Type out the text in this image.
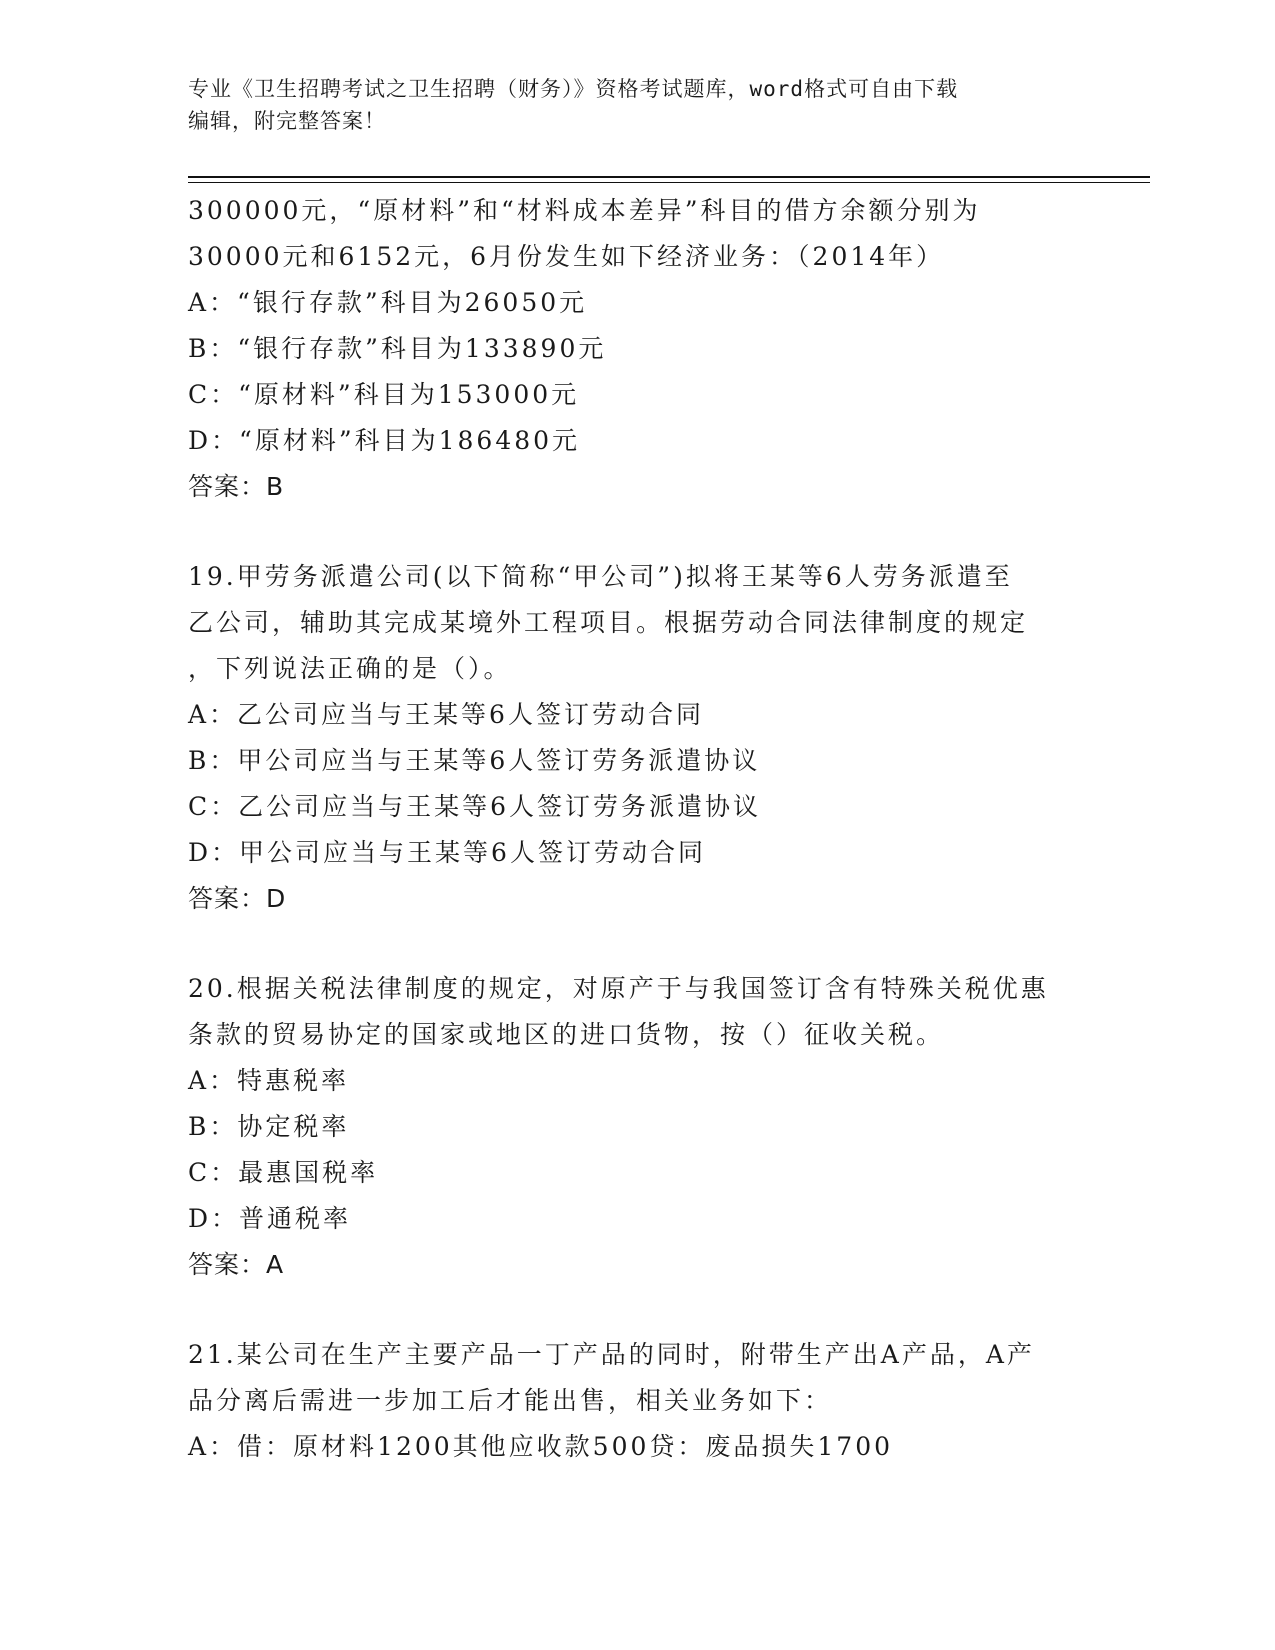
专业《卫生招聘考试之卫生招聘（财务）》资格考试题库，word格式可自由下载
编辑，附完整答案！
300000元，“原材料”和“材料成本差异”科目的借方余额分别为
30000元和6152元，6月份发生如下经济业务：（2014年）
A：“银行存款”科目为26050元
B：“银行存款”科目为133890元
C：“原材料”科目为153000元
D：“原材料”科目为186480元
答案：B
19.甲劳务派遣公司(以下简称“甲公司”)拟将王某等6人劳务派遣至
乙公司，辅助其完成某境外工程项目。根据劳动合同法律制度的规定
，下列说法正确的是（）。
A：乙公司应当与王某等6人签订劳动合同
B：甲公司应当与王某等6人签订劳务派遣协议
C：乙公司应当与王某等6人签订劳务派遣协议
D：甲公司应当与王某等6人签订劳动合同
答案：D
20.根据关税法律制度的规定，对原产于与我国签订含有特殊关税优惠
条款的贸易协定的国家或地区的进口货物，按（）征收关税。
A：特惠税率
B：协定税率
C：最惠国税率
D：普通税率
答案：A
21.某公司在生产主要产品一丁产品的同时，附带生产出A产品，A产
品分离后需进一步加工后才能出售，相关业务如下：
A：借：原材料1200其他应收款500贷：废品损失1700
